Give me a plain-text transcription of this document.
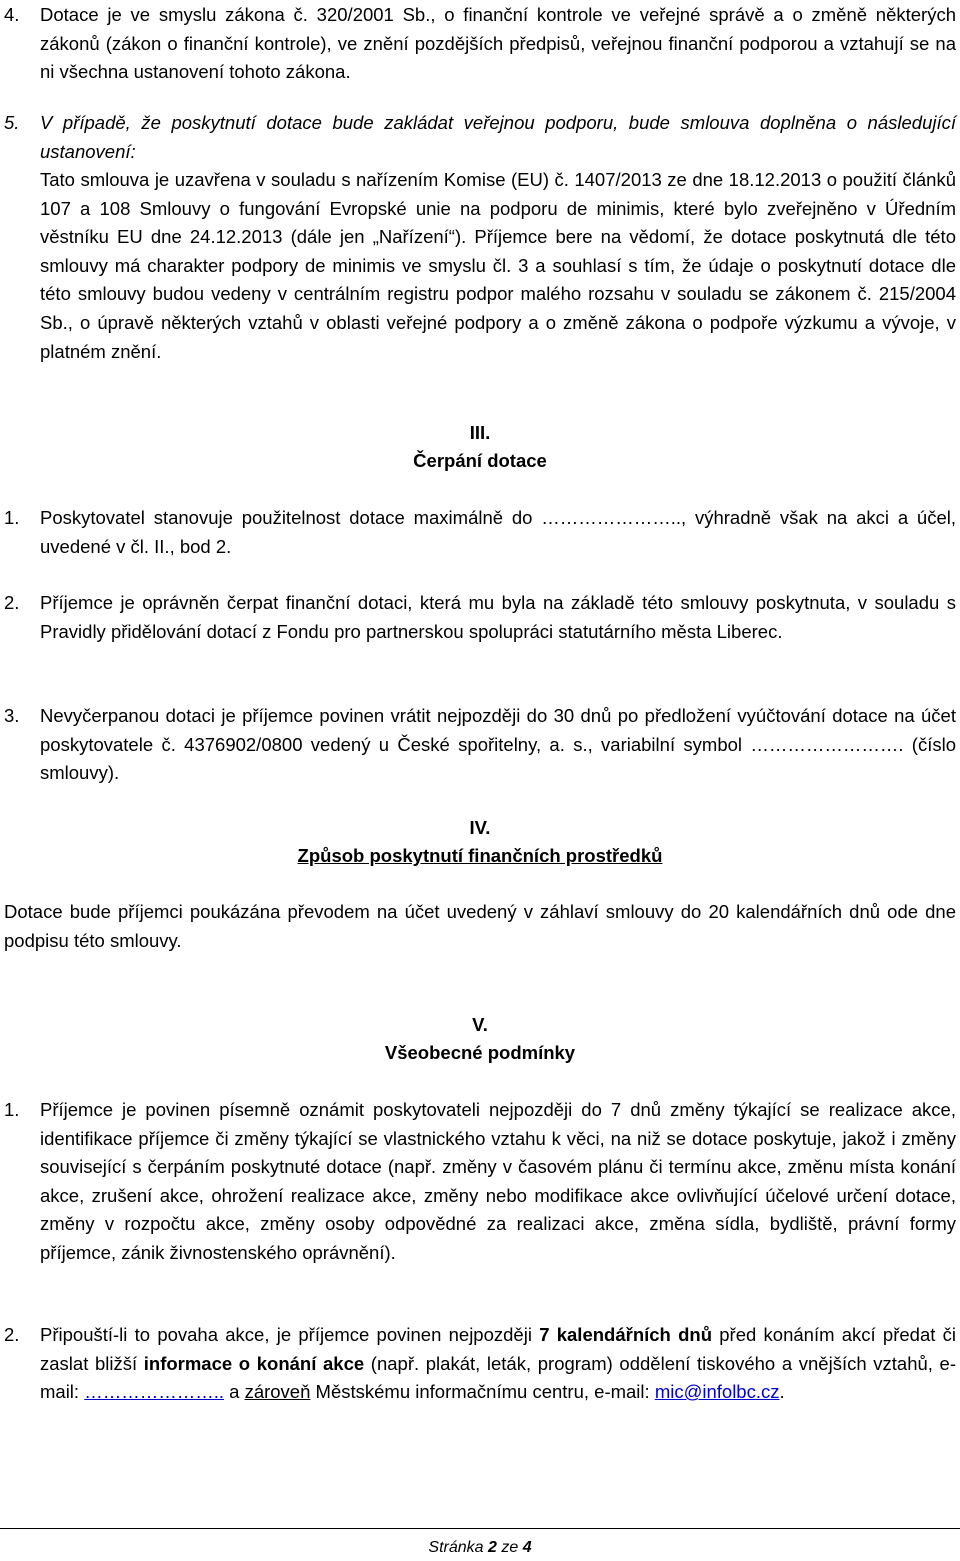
4. Dotace je ve smyslu zákona č. 320/2001 Sb., o finanční kontrole ve veřejné správě a o změně některých zákonů (zákon o finanční kontrole), ve znění pozdějších předpisů, veřejnou finanční podporou a vztahují se na ni všechna ustanovení tohoto zákona.
5. V případě, že poskytnutí dotace bude zakládat veřejnou podporu, bude smlouva doplněna o následující ustanovení:
Tato smlouva je uzavřena v souladu s nařízením Komise (EU) č. 1407/2013 ze dne 18.12.2013 o použití článků 107 a 108 Smlouvy o fungování Evropské unie na podporu de minimis, které bylo zveřejněno v Úředním věstníku EU dne 24.12.2013 (dále jen „Nařízení“). Příjemce bere na vědomí, že dotace poskytnutá dle této smlouvy má charakter podpory de minimis ve smyslu čl. 3 a souhlasí s tím, že údaje o poskytnutí dotace dle této smlouvy budou vedeny v centrálním registru podpor malého rozsahu v souladu se zákonem č. 215/2004 Sb., o úpravě některých vztahů v oblasti veřejné podpory a o změně zákona o podpoře výzkumu a vývoje, v platném znění.
III.
Čerpání dotace
1. Poskytovatel stanovuje použitelnost dotace maximálně do ………………….., výhradně však na akci a účel, uvedené v čl. II., bod 2.
2. Příjemce je oprávněn čerpat finanční dotaci, která mu byla na základě této smlouvy poskytnuta, v souladu s Pravidly přidělování dotací z Fondu pro partnerskou spolupráci statutárního města Liberec.
3. Nevyčerpanou dotaci je příjemce povinen vrátit nejpozději do 30 dnů po předložení vyúčtování dotace na účet poskytovatele č. 4376902/0800 vedený u České spořitelny, a. s., variabilní symbol ……………………. (číslo smlouvy).
IV.
Způsob poskytnutí finančních prostředků
Dotace bude příjemci poukázána převodem na účet uvedený v záhlaví smlouvy do 20 kalendářních dnů ode dne podpisu této smlouvy.
V.
Všeobecné podmínky
1. Příjemce je povinen písemně oznámit poskytovateli nejpozději do 7 dnů změny týkající se realizace akce, identifikace příjemce či změny týkající se vlastnického vztahu k věci, na niž se dotace poskytuje, jakož i změny související s čerpáním poskytnuté dotace (např. změny v časovém plánu či termínu akce, změnu místa konání akce, zrušení akce, ohrožení realizace akce, změny nebo modifikace akce ovlivňující účelové určení dotace, změny v rozpočtu akce, změny osoby odpovědné za realizaci akce, změna sídla, bydliště, právní formy příjemce, zánik živnostenského oprávnění).
2. Připouští-li to povaha akce, je příjemce povinen nejpozději 7 kalendářních dnů před konáním akcí předat či zaslat bližší informace o konání akce (např. plakát, leták, program) oddělení tiskového a vnějších vztahů, e-mail: ………………….. a zároveň Městskému informačnímu centru, e-mail: mic@infolbc.cz.
Stránka 2 ze 4
